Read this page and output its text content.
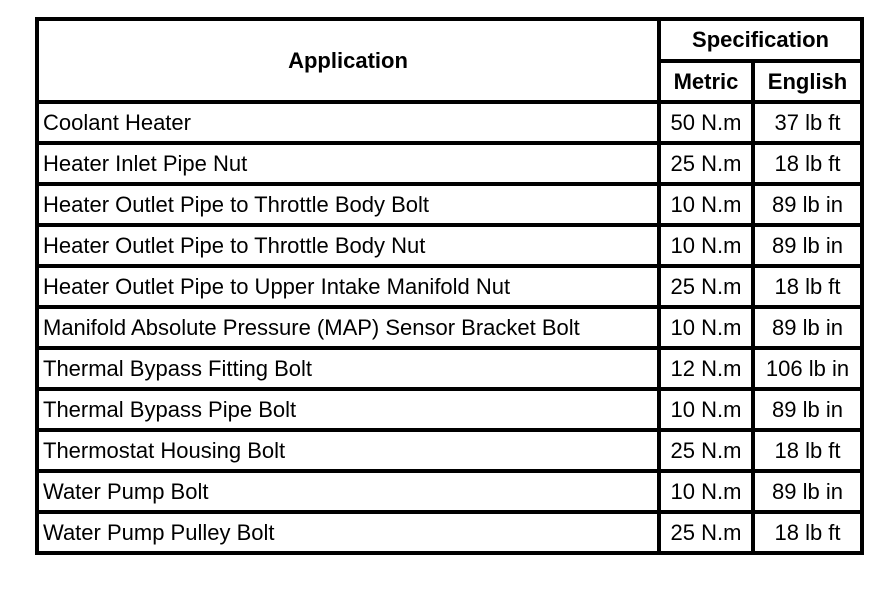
Application	Specification	
	Metric	English
Coolant Heater	50 N.m	37 lb ft
Heater Inlet Pipe Nut	25 N.m	18 lb ft
Heater Outlet Pipe to Throttle Body Bolt	10 N.m	89 lb in
Heater Outlet Pipe to Throttle Body Nut	10 N.m	89 lb in
Heater Outlet Pipe to Upper Intake Manifold Nut	25 N.m	18 lb ft
Manifold Absolute Pressure (MAP) Sensor Bracket Bolt	10 N.m	89 lb in
Thermal Bypass Fitting Bolt	12 N.m	106 lb in
Thermal Bypass Pipe Bolt	10 N.m	89 lb in
Thermostat Housing Bolt	25 N.m	18 lb ft
Water Pump Bolt	10 N.m	89 lb in
Water Pump Pulley Bolt	25 N.m	18 lb ft
